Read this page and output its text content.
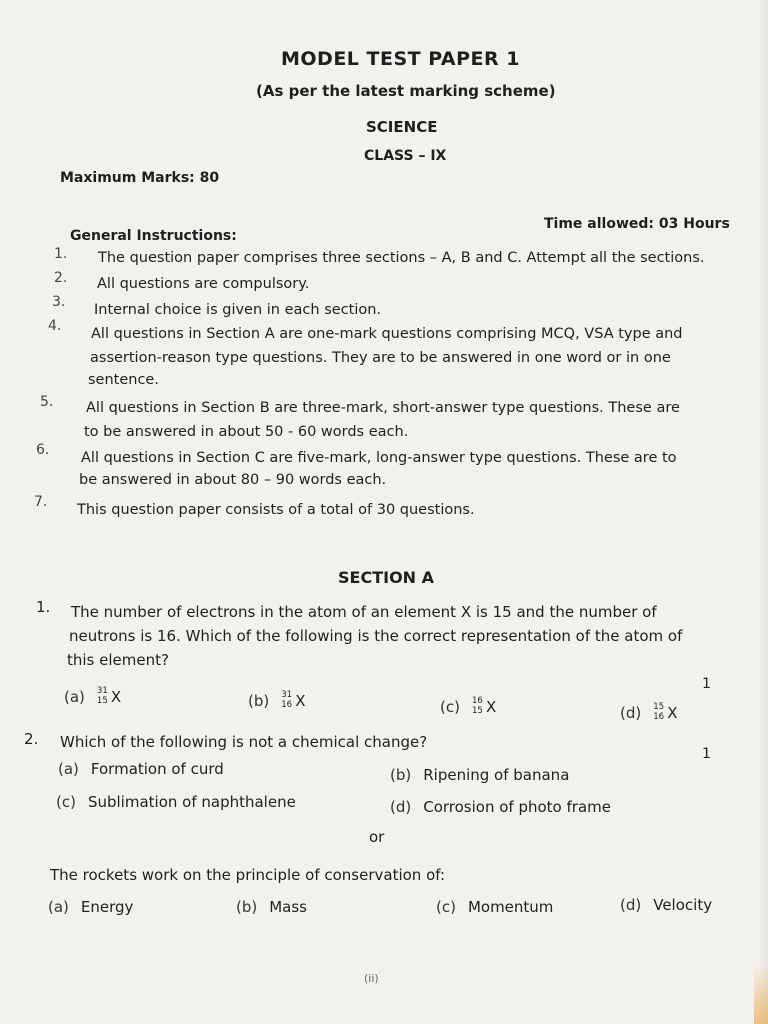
MODEL TEST PAPER 1
(As per the latest marking scheme)
SCIENCE
CLASS – IX
Maximum Marks: 80
Time allowed: 03 Hours
General Instructions:
1. The question paper comprises three sections – A, B and C. Attempt all the sections.
2. All questions are compulsory.
3. Internal choice is given in each section.
4. All questions in Section A are one-mark questions comprising MCQ, VSA type and
assertion-reason type questions. They are to be answered in one word or in one
sentence.
5. All questions in Section B are three-mark, short-answer type questions. These are
to be answered in about 50 - 60 words each.
6. All questions in Section C are five-mark, long-answer type questions. These are to
be answered in about 80 – 90 words each.
7. This question paper consists of a total of 30 questions.
SECTION A
1. The number of electrons in the atom of an element X is 15 and the number of
neutrons is 16. Which of the following is the correct representation of the atom of
this element?
1
(a) 31
15 X	(b) 31
16 X	(c) 16
15 X	(d) 15
16 X
2. Which of the following is not a chemical change?
1
(a) Formation of curd	(b) Ripening of banana
(c) Sublimation of naphthalene	(d) Corrosion of photo frame
or
The rockets work on the principle of conservation of:
(a) Energy	(b) Mass	(c) Momentum	(d) Velocity
(ii)
